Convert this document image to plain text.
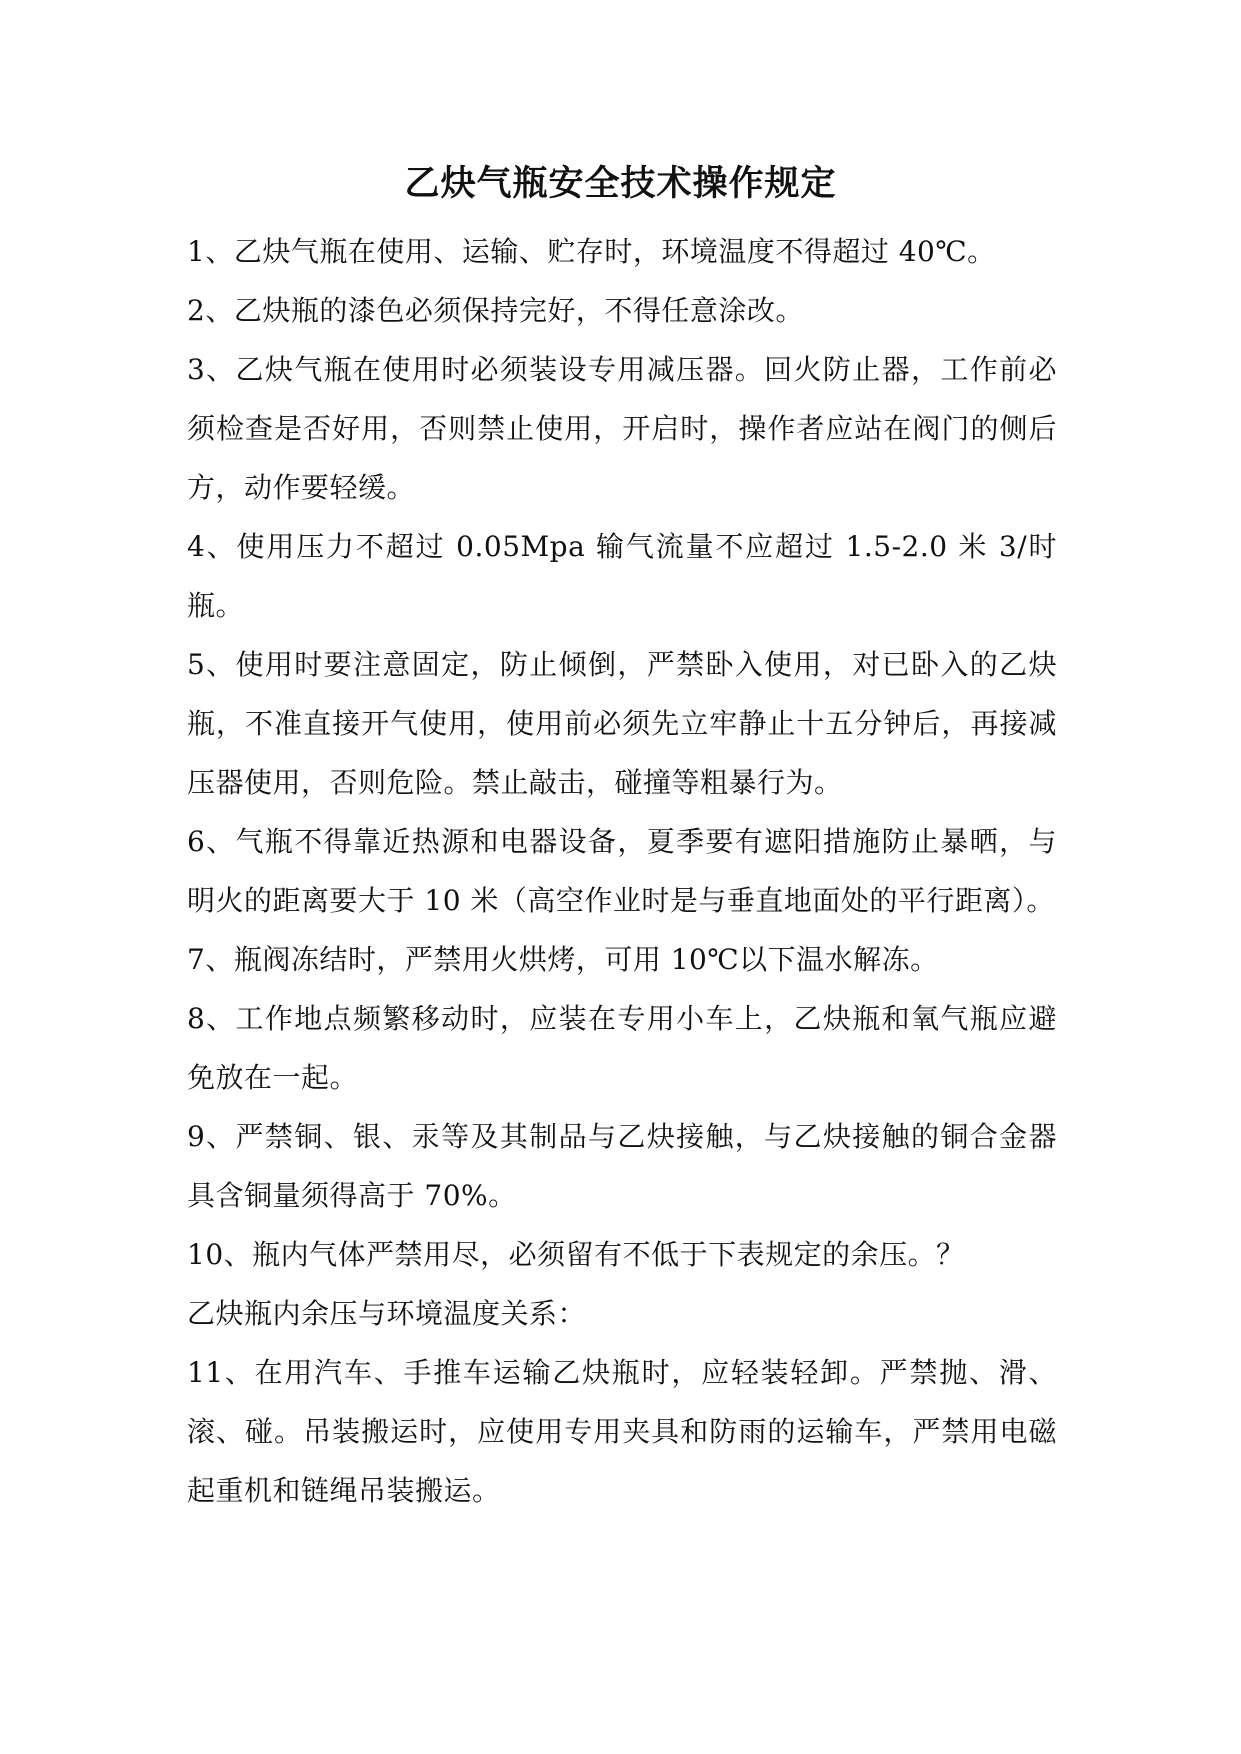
乙炔气瓶安全技术操作规定

1、乙炔气瓶在使用、运输、贮存时，环境温度不得超过 40℃。

2、乙炔瓶的漆色必须保持完好，不得任意涂改。

3、乙炔气瓶在使用时必须装设专用减压器。回火防止器，工作前必须检查是否好用，否则禁止使用，开启时，操作者应站在阀门的侧后方，动作要轻缓。

4、使用压力不超过 0.05Mpa 输气流量不应超过 1.5-2.0 米 3/时瓶。

5、使用时要注意固定，防止倾倒，严禁卧入使用，对已卧入的乙炔瓶，不准直接开气使用，使用前必须先立牢静止十五分钟后，再接减压器使用，否则危险。禁止敲击，碰撞等粗暴行为。

6、气瓶不得靠近热源和电器设备，夏季要有遮阳措施防止暴晒，与明火的距离要大于 10 米（高空作业时是与垂直地面处的平行距离）。

7、瓶阀冻结时，严禁用火烘烤，可用 10℃以下温水解冻。

8、工作地点频繁移动时，应装在专用小车上，乙炔瓶和氧气瓶应避免放在一起。

9、严禁铜、银、汞等及其制品与乙炔接触，与乙炔接触的铜合金器具含铜量须得高于 70%。

10、瓶内气体严禁用尽，必须留有不低于下表规定的余压。？

乙炔瓶内余压与环境温度关系：

11、在用汽车、手推车运输乙炔瓶时，应轻装轻卸。严禁抛、滑、滚、碰。吊装搬运时，应使用专用夹具和防雨的运输车，严禁用电磁起重机和链绳吊装搬运。
